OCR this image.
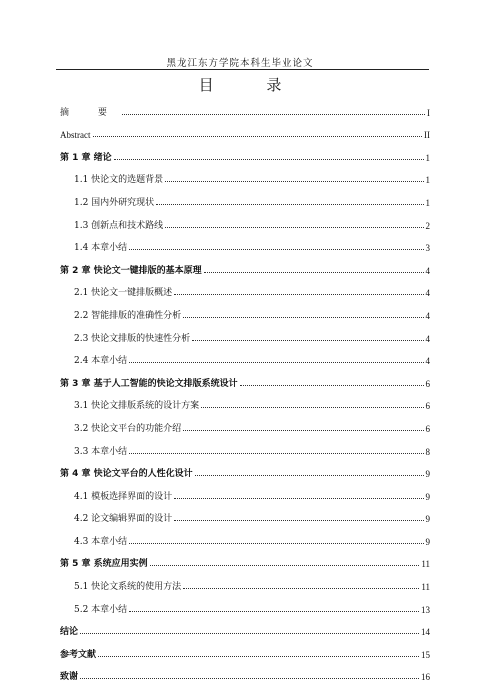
黑龙江东方学院本科生毕业论文
目 录
摘 要	I
Abstract	II
第 1 章 绪论	1
1.1 快论文的选题背景	1
1.2 国内外研究现状	1
1.3 创新点和技术路线	2
1.4 本章小结	3
第 2 章 快论文一键排版的基本原理	4
2.1 快论文一键排版概述	4
2.2 智能排版的准确性分析	4
2.3 快论文排版的快速性分析	4
2.4 本章小结	4
第 3 章 基于人工智能的快论文排版系统设计	6
3.1 快论文排版系统的设计方案	6
3.2 快论文平台的功能介绍	6
3.3 本章小结	8
第 4 章 快论文平台的人性化设计	9
4.1 模板选择界面的设计	9
4.2 论文编辑界面的设计	9
4.3 本章小结	9
第 5 章 系统应用实例	11
5.1 快论文系统的使用方法	11
5.2 本章小结	13
结论	14
参考文献	15
致谢	16
